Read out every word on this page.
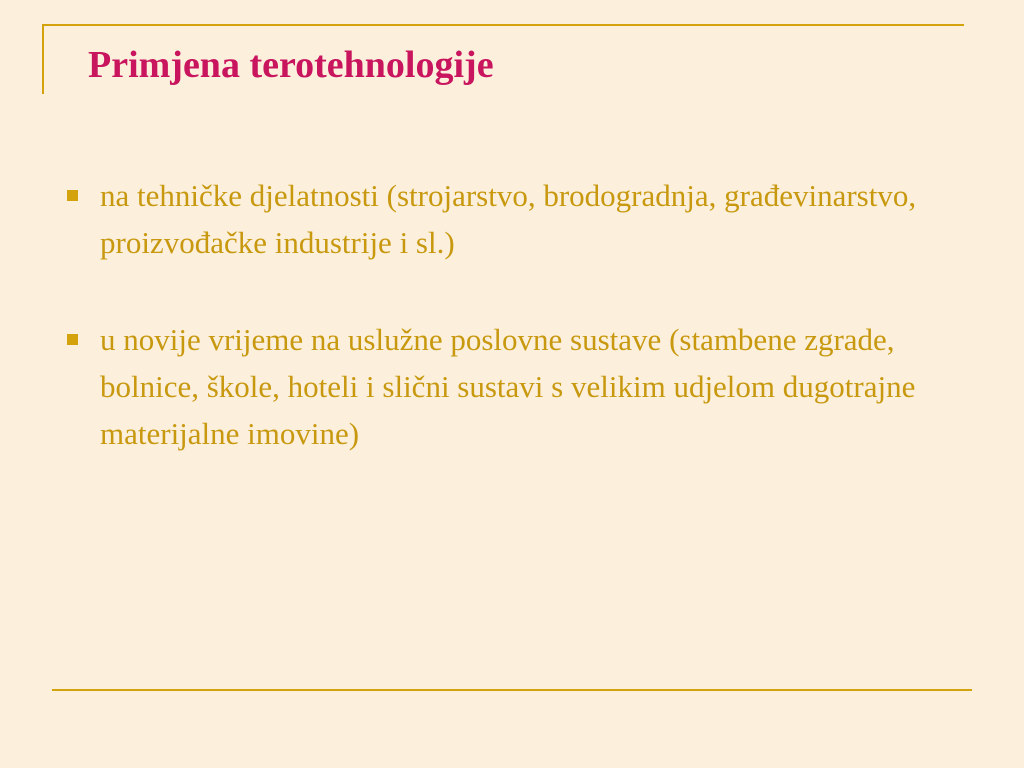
Primjena terotehnologije
na tehničke djelatnosti (strojarstvo, brodogradnja, građevinarstvo, proizvođačke industrije i sl.)
u novije vrijeme na uslužne poslovne sustave (stambene zgrade, bolnice, škole, hoteli i slični sustavi s velikim udjelom dugotrajne materijalne imovine)
